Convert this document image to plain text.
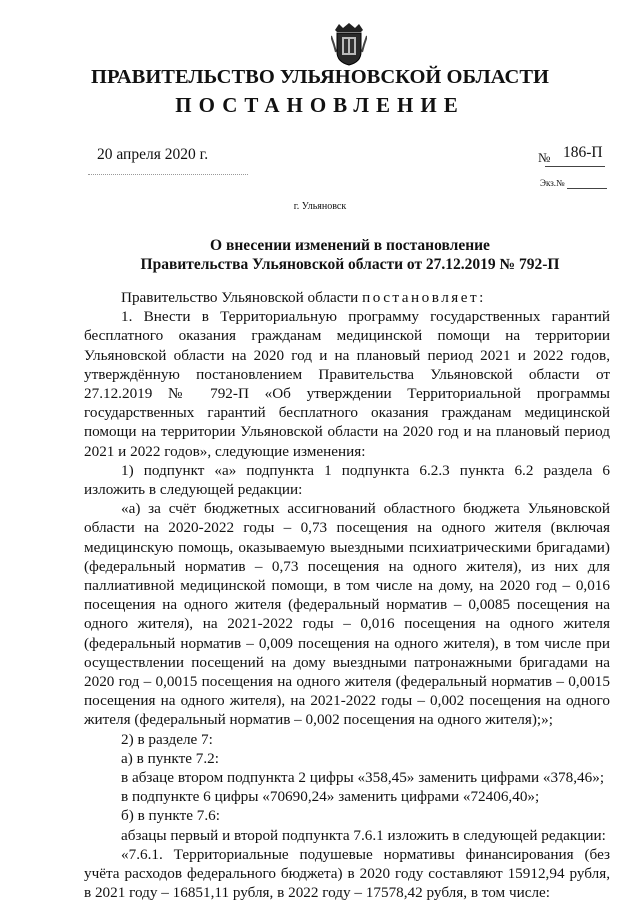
ПРАВИТЕЛЬСТВО УЛЬЯНОВСКОЙ ОБЛАСТИ
ПОСТАНОВЛЕНИЕ
20 апреля 2020 г.	№ 186-П
Экз.№
г. Ульяновск
О внесении изменений в постановление
Правительства Ульяновской области от 27.12.2019 № 792-П

Правительство Ульяновской области постановляет:

1. Внести в Территориальную программу государственных гарантий бесплатного оказания гражданам медицинской помощи на территории Ульяновской области на 2020 год и на плановый период 2021 и 2022 годов, утверждённую постановлением Правительства Ульяновской области от 27.12.2019 № 792-П «Об утверждении Территориальной программы государственных гарантий бесплатного оказания гражданам медицинской помощи на территории Ульяновской области на 2020 год и на плановый период 2021 и 2022 годов», следующие изменения:

1) подпункт «а» подпункта 1 подпункта 6.2.3 пункта 6.2 раздела 6 изложить в следующей редакции:

«а) за счёт бюджетных ассигнований областного бюджета Ульяновской области на 2020-2022 годы – 0,73 посещения на одного жителя (включая медицинскую помощь, оказываемую выездными психиатрическими бригадами) (федеральный норматив – 0,73 посещения на одного жителя), из них для паллиативной медицинской помощи, в том числе на дому, на 2020 год – 0,016 посещения на одного жителя (федеральный норматив – 0,0085 посещения на одного жителя), на 2021-2022 годы – 0,016 посещения на одного жителя (федеральный норматив – 0,009 посещения на одного жителя), в том числе при осуществлении посещений на дому выездными патронажными бригадами на 2020 год – 0,0015 посещения на одного жителя (федеральный норматив – 0,0015 посещения на одного жителя), на 2021-2022 годы – 0,002 посещения на одного жителя (федеральный норматив – 0,002 посещения на одного жителя);»;

2) в разделе 7:

а) в пункте 7.2:

в абзаце втором подпункта 2 цифры «358,45» заменить цифрами «378,46»;

в подпункте 6 цифры «70690,24» заменить цифрами «72406,40»;

б) в пункте 7.6:

абзацы первый и второй подпункта 7.6.1 изложить в следующей редакции:

«7.6.1. Территориальные подушевые нормативы финансирования (без учёта расходов федерального бюджета) в 2020 году составляют 15912,94 рубля, в 2021 году – 16851,11 рубля, в 2022 году – 17578,42 рубля, в том числе:
